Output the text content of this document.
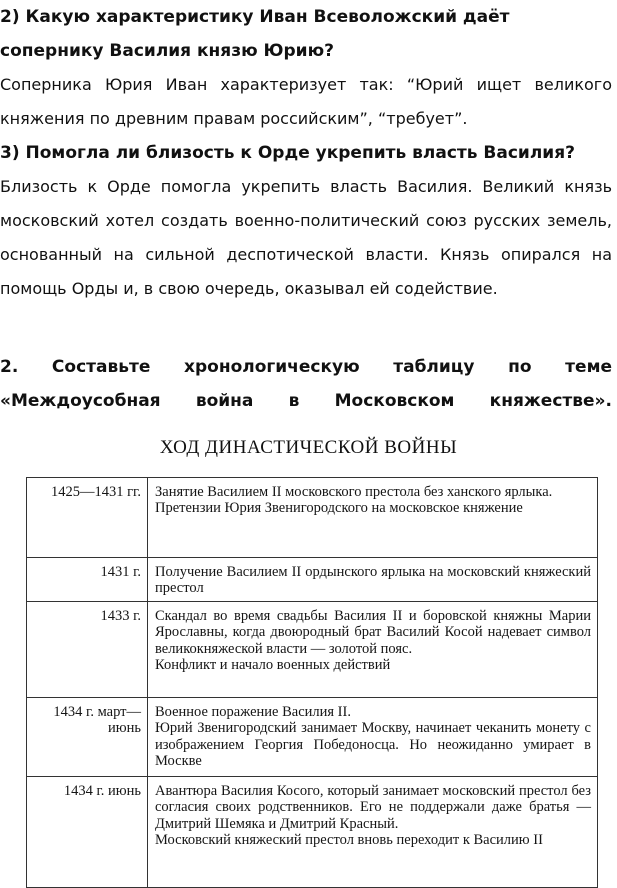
2) Какую характеристику Иван Всеволожский даёт сопернику Василия князю Юрию?

Соперника Юрия Иван характеризует так: “Юрий ищет великого княжения по древним правам российским”, “требует”.

3) Помогла ли близость к Орде укрепить власть Василия?

Близость к Орде помогла укрепить власть Василия. Великий князь московский хотел создать военно-политический союз русских земель, основанный на сильной деспотической власти. Князь опирался на помощь Орды и, в свою очередь, оказывал ей содействие.

2. Составьте хронологическую таблицу по теме «Междоусобная война в Московском княжестве».

ХОД ДИНАСТИЧЕСКОЙ ВОЙНЫ

1425—1431 гг.	Занятие Василием II московского престола без ханского ярлыка.

Претензии Юрия Звенигородского на московское княжение

1431 г.	Получение Василием II ордынского ярлыка на московский княжеский престол

1433 г.	Скандал во время свадьбы Василия II и боровской княжны Марии Ярославны, когда двоюродный брат Василий Косой надевает символ великокняжеской власти — золотой пояс.

Конфликт и начало военных действий

1434 г. март—июнь	Военное поражение Василия II.

Юрий Звенигородский занимает Москву, начинает чеканить монету с изображением Георгия Победоносца. Но неожиданно умирает в Москве

1434 г. июнь	Авантюра Василия Косого, который занимает московский престол без согласия своих родственников. Его не поддержали даже братья — Дмитрий Шемяка и Дмитрий Красный.

Московский княжеский престол вновь переходит к Василию II
